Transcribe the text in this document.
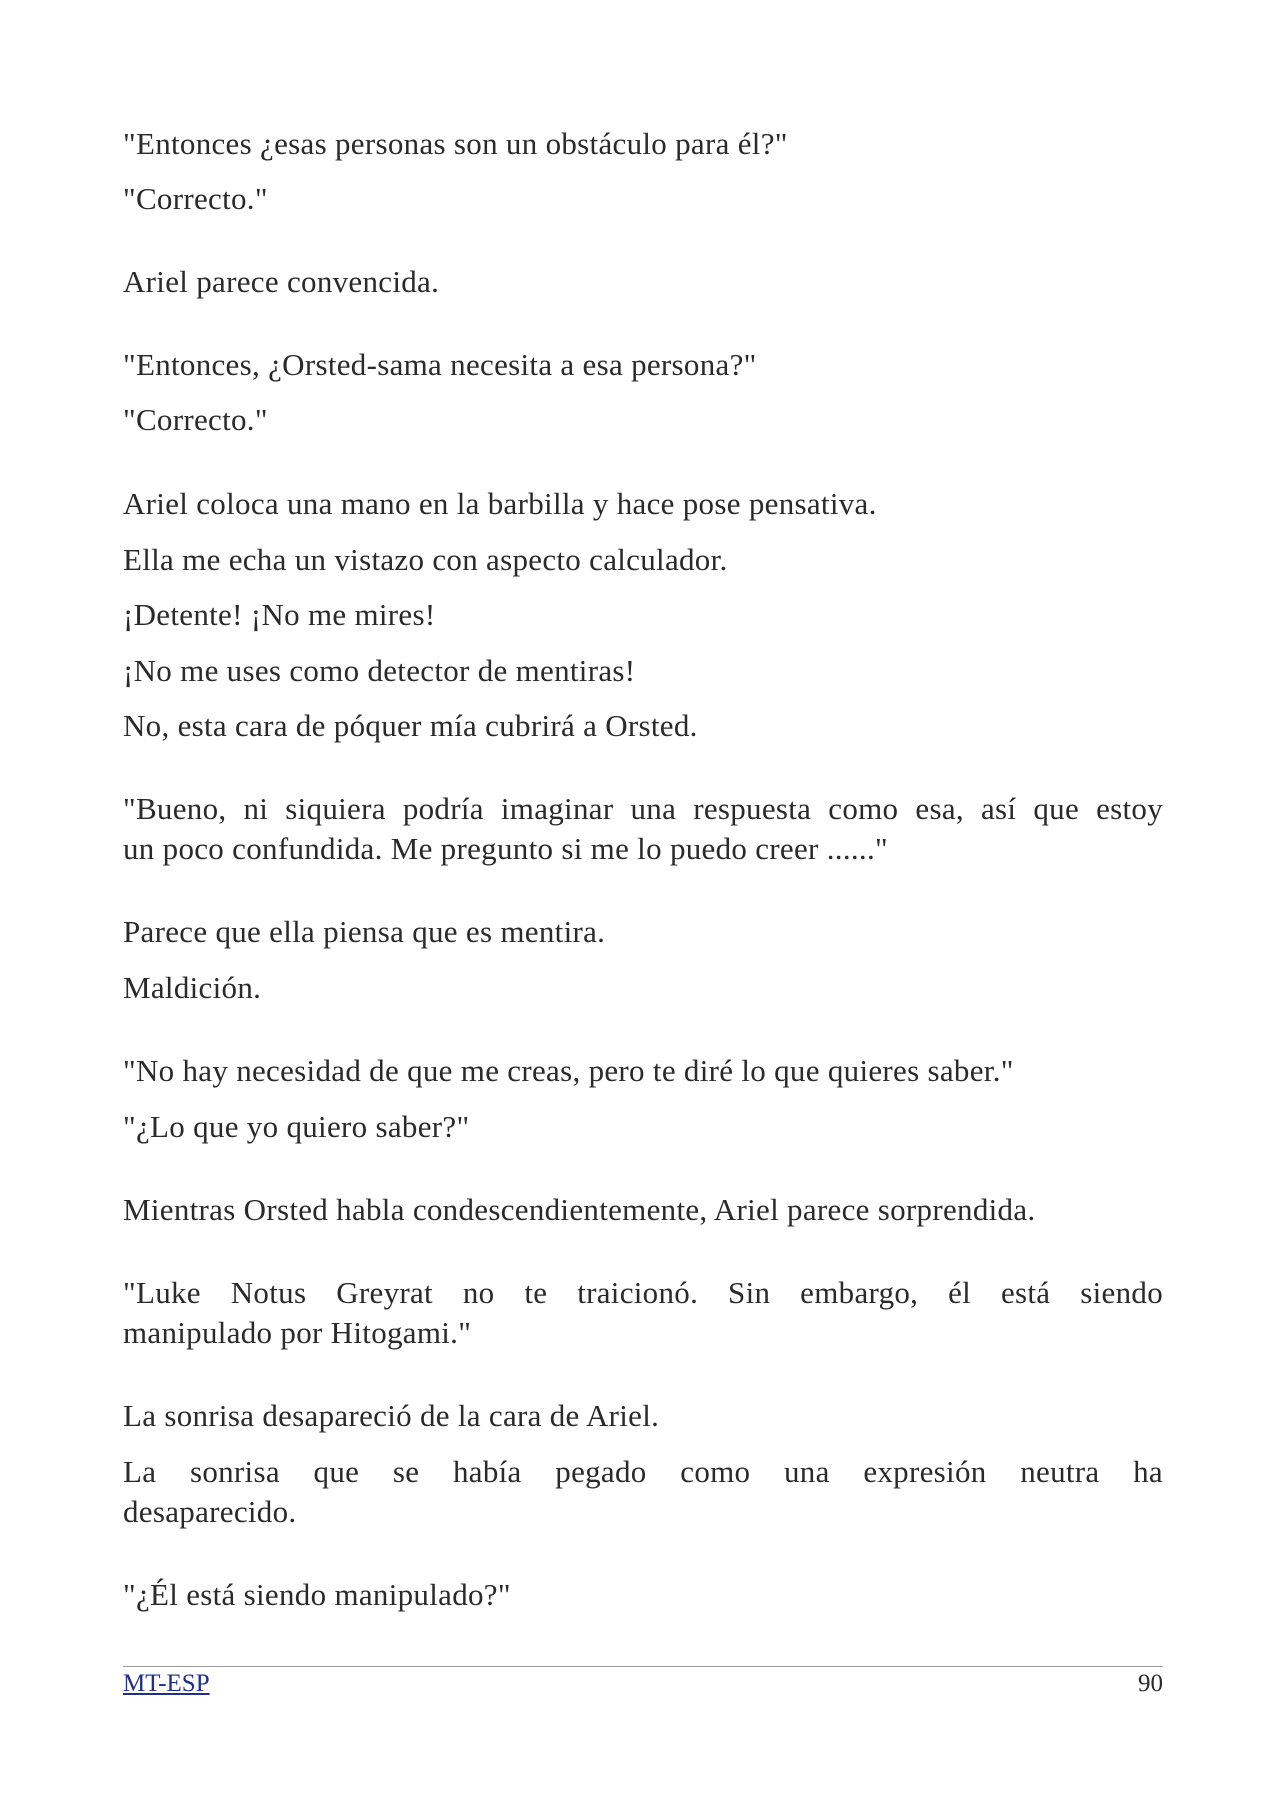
"Entonces ¿esas personas son un obstáculo para él?"
"Correcto."
Ariel parece convencida.
"Entonces, ¿Orsted-sama necesita a esa persona?"
"Correcto."
Ariel coloca una mano en la barbilla y hace pose pensativa.
Ella me echa un vistazo con aspecto calculador.
¡Detente! ¡No me mires!
¡No me uses como detector de mentiras!
No, esta cara de póquer mía cubrirá a Orsted.
"Bueno, ni siquiera podría imaginar una respuesta como esa, así que estoy
un poco confundida. Me pregunto si me lo puedo creer ......"
Parece que ella piensa que es mentira.
Maldición.
"No hay necesidad de que me creas, pero te diré lo que quieres saber."
"¿Lo que yo quiero saber?"
Mientras Orsted habla condescendientemente, Ariel parece sorprendida.
"Luke Notus Greyrat no te traicionó. Sin embargo, él está siendo
manipulado por Hitogami."
La sonrisa desapareció de la cara de Ariel.
La sonrisa que se había pegado como una expresión neutra ha
desaparecido.
"¿Él está siendo manipulado?"
MT-ESP	90
